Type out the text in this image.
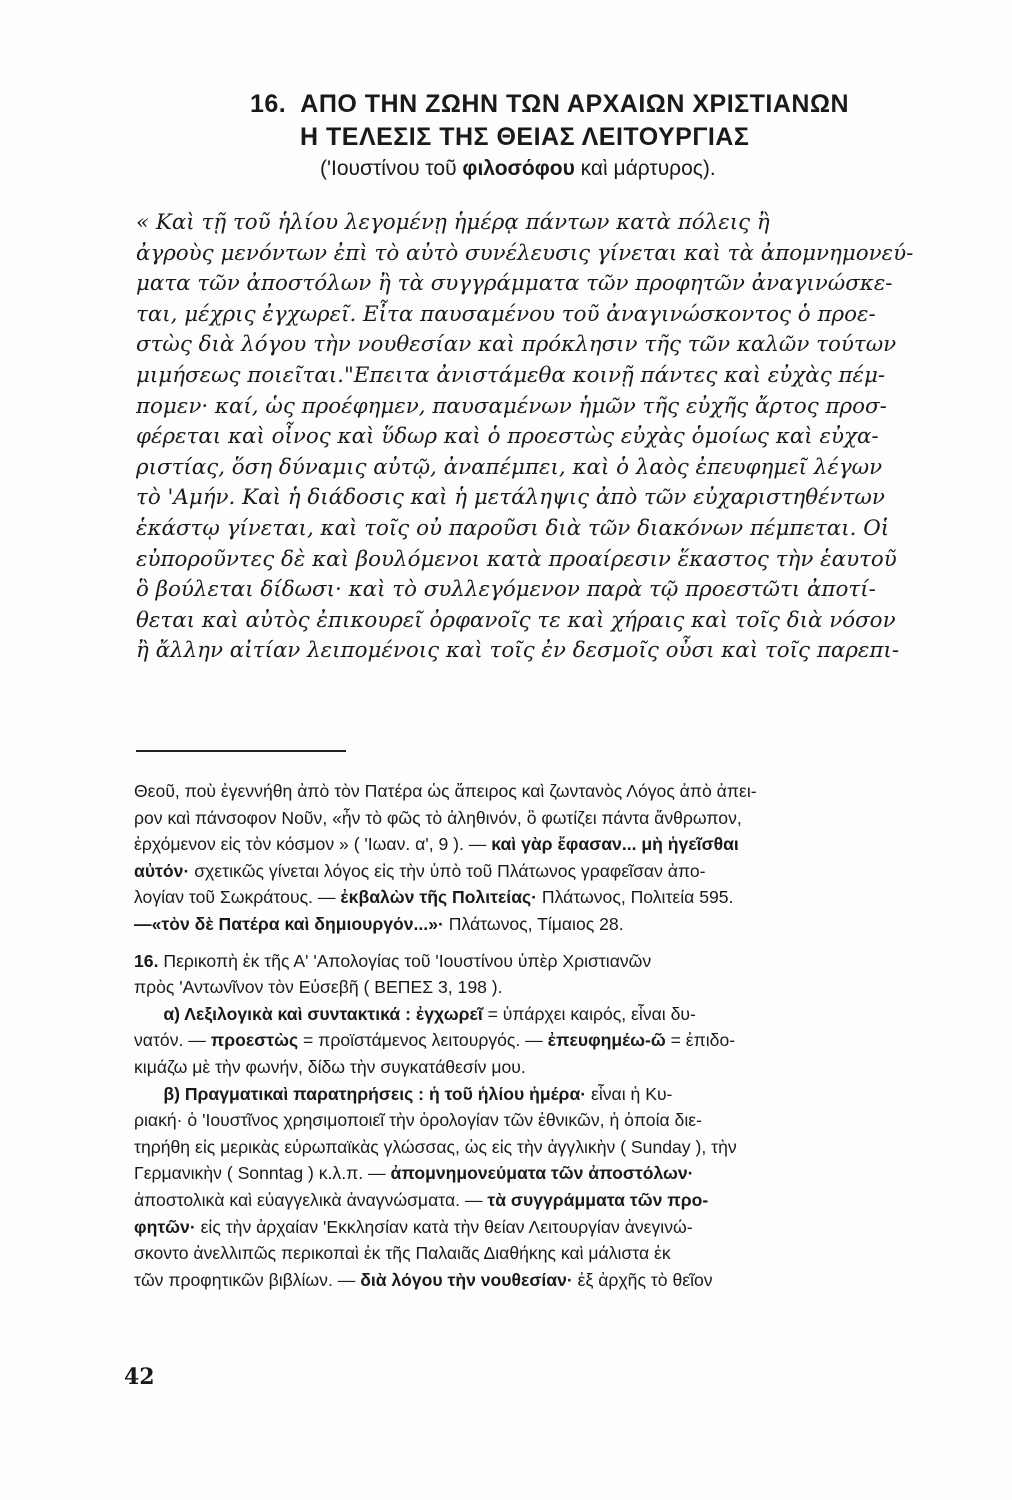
16. ΑΠΟ ΤΗΝ ΖΩΗΝ ΤΩΝ ΑΡΧΑΙΩΝ ΧΡΙΣΤΙΑΝΩΝ
Η ΤΕΛΕΣΙΣ ΤΗΣ ΘΕΙΑΣ ΛΕΙΤΟΥΡΓΙΑΣ
('Ιουστίνου τοῦ φιλοσόφου καὶ μάρτυρος).
« Καὶ τῇ τοῦ ἡλίου λεγομένῃ ἡμέρᾳ πάντων κατὰ πόλεις ἢ
ἀγροὺς μενόντων ἐπὶ τὸ αὐτὸ συνέλευσις γίνεται καὶ τὰ ἀπομνημονεύ-
ματα τῶν ἀποστόλων ἢ τὰ συγγράμματα τῶν προφητῶν ἀναγινώσκε-
ται, μέχρις ἐγχωρεῖ. Εἶτα παυσαμένου τοῦ ἀναγινώσκοντος ὁ προε-
στὼς διὰ λόγου τὴν νουθεσίαν καὶ πρόκλησιν τῆς τῶν καλῶν τούτων
μιμήσεως ποιεῖται."Επειτα ἀνιστάμεθα κοινῇ πάντες καὶ εὐχὰς πέμ-
πομεν· καί, ὡς προέφημεν, παυσαμένων ἡμῶν τῆς εὐχῆς ἄρτος προσ-
φέρεται καὶ οἶνος καὶ ὕδωρ καὶ ὁ προεστὼς εὐχὰς ὁμοίως καὶ εὐχα-
ριστίας, ὅση δύναμις αὐτῷ, ἀναπέμπει, καὶ ὁ λαὸς ἐπευφημεῖ λέγων
τὸ 'Αμήν. Καὶ ἡ διάδοσις καὶ ἡ μετάληψις ἀπὸ τῶν εὐχαριστηθέντων
ἑκάστῳ γίνεται, καὶ τοῖς οὐ παροῦσι διὰ τῶν διακόνων πέμπεται. Οἱ
εὐποροῦντες δὲ καὶ βουλόμενοι κατὰ προαίρεσιν ἕκαστος τὴν ἑαυτοῦ
ὃ βούλεται δίδωσι· καὶ τὸ συλλεγόμενον παρὰ τῷ προεστῶτι ἀποτί-
θεται καὶ αὐτὸς ἐπικουρεῖ ὀρφανοῖς τε καὶ χήραις καὶ τοῖς διὰ νόσον
ἢ ἄλλην αἰτίαν λειπομένοις καὶ τοῖς ἐν δεσμοῖς οὖσι καὶ τοῖς παρεπι-
Θεοῦ, ποὺ ἐγεννήθη ἀπὸ τὸν Πατέρα ὡς ἄπειρος καὶ ζωντανὸς Λόγος ἀπὸ ἀπει-
ρον καὶ πάνσοφον Νοῦν, «ἦν τὸ φῶς τὸ ἀληθινόν, ὃ φωτίζει πάντα ἄνθρωπον,
ἐρχόμενον εἰς τὸν κόσμον » ( 'Ιωαν. α', 9 ). — καὶ γὰρ ἔφασαν... μὴ ἡγεῖσθαι
αὐτόν· σχετικῶς γίνεται λόγος εἰς τὴν ὑπὸ τοῦ Πλάτωνος γραφεῖσαν ἀπο-
λογίαν τοῦ Σωκράτους. — ἐκβαλὼν τῆς Πολιτείας· Πλάτωνος, Πολιτεία 595.
—«τὸν δὲ Πατέρα καὶ δημιουργόν...»· Πλάτωνος, Τίμαιος 28.
16. Περικοπὴ ἐκ τῆς Α' 'Απολογίας τοῦ 'Ιουστίνου ὑπὲρ Χριστιανῶν
πρὸς 'Αντωνῖνον τὸν Εὐσεβῆ ( ΒΕΠΕΣ 3, 198 ).
α) Λεξιλογικὰ καὶ συντακτικά : ἐγχωρεῖ = ὑπάρχει καιρός, εἶναι δυ-
νατόν. — προεστὼς = προϊστάμενος λειτουργός. — ἐπευφημέω-ῶ = ἐπιδο-
κιμάζω μὲ τὴν φωνήν, δίδω τὴν συγκατάθεσίν μου.
β) Πραγματικαὶ παρατηρήσεις : ἡ τοῦ ἡλίου ἡμέρα· εἶναι ἡ Κυ-
ριακή· ὁ 'Ιουστῖνος χρησιμοποιεῖ τὴν ὁρολογίαν τῶν ἐθνικῶν, ἡ ὁποία διε-
τηρήθη εἰς μερικὰς εὐρωπαϊκὰς γλώσσας, ὡς εἰς τὴν ἀγγλικὴν ( Sunday ), τὴν
Γερμανικὴν ( Sonntag ) κ.λ.π. — ἀπομνημονεύματα τῶν ἀποστόλων·
ἀποστολικὰ καὶ εὐαγγελικὰ ἀναγνώσματα. — τὰ συγγράμματα τῶν προ-
φητῶν· εἰς τὴν ἀρχαίαν 'Εκκλησίαν κατὰ τὴν θείαν Λειτουργίαν ἀνεγινώ-
σκοντο ἀνελλιπῶς περικοπαὶ ἐκ τῆς Παλαιᾶς Διαθήκης καὶ μάλιστα ἐκ
τῶν προφητικῶν βιβλίων. — διὰ λόγου τὴν νουθεσίαν· ἐξ ἀρχῆς τὸ θεῖον
42
